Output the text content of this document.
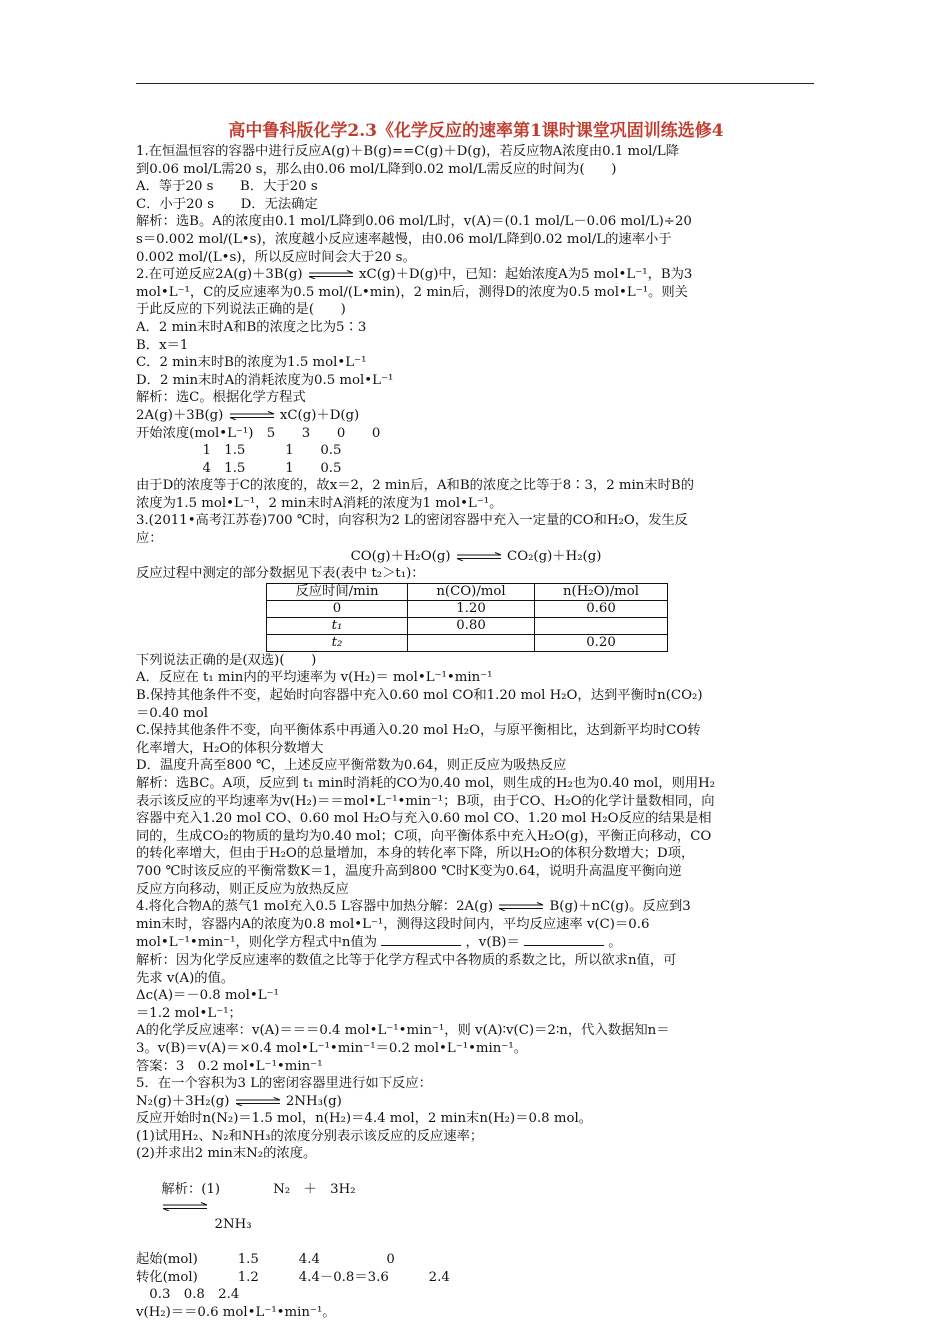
高中鲁科版化学2.3《化学反应的速率第1课时课堂巩固训练选修4
1.在恒温恒容的容器中进行反应A(g)＋B(g)==C(g)＋D(g)，若反应物A浓度由0.1 mol/L降
到0.06 mol/L需20 s，那么由0.06 mol/L降到0.02 mol/L需反应的时间为(　　)
A．等于20 s　　B．大于20 s
C．小于20 s　　D．无法确定
解析：选B。A的浓度由0.1 mol/L降到0.06 mol/L时，v(A)＝(0.1 mol/L－0.06 mol/L)÷20
s＝0.002 mol/(L•s)，浓度越小反应速率越慢，由0.06 mol/L降到0.02 mol/L的速率小于
0.002 mol/(L•s)，所以反应时间会大于20 s。
2.在可逆反应2A(g)＋3B(g)	xC(g)＋D(g)中，已知：起始浓度A为5 mol•L⁻¹，B为3
mol•L⁻¹，C的反应速率为0.5 mol/(L•min)，2 min后，测得D的浓度为0.5 mol•L⁻¹。则关
于此反应的下列说法正确的是(　　)
A．2 min末时A和B的浓度之比为5∶3
B．x＝1
C．2 min末时B的浓度为1.5 mol•L⁻¹
D．2 min末时A的消耗浓度为0.5 mol•L⁻¹
解析：选C。根据化学方程式
2A(g)＋3B(g)	xC(g)＋D(g)
开始浓度(mol•L⁻¹)　5　　3　　0　　0
　　　　　1　1.5　　　1　　0.5
　　　　　4　1.5　　　1　　0.5
由于D的浓度等于C的浓度的，故x＝2，2 min后，A和B的浓度之比等于8∶3，2 min末时B的
浓度为1.5 mol•L⁻¹，2 min末时A消耗的浓度为1 mol•L⁻¹。
3.(2011•高考江苏卷)700 ℃时，向容积为2 L的密闭容器中充入一定量的CO和H₂O，发生反
应：
CO(g)＋H₂O(g)	CO₂(g)＋H₂(g)
反应过程中测定的部分数据见下表(表中 t₂＞t₁)：
反应时间/min	n(CO)/mol	n(H₂O)/mol
0	1.20	0.60
t₁	0.80	
t₂		0.20
下列说法正确的是(双选)(　　)
A．反应在 t₁ min内的平均速率为 v(H₂)＝ mol•L⁻¹•min⁻¹
B.保持其他条件不变，起始时向容器中充入0.60 mol CO和1.20 mol H₂O，达到平衡时n(CO₂)
＝0.40 mol
C.保持其他条件不变，向平衡体系中再通入0.20 mol H₂O，与原平衡相比，达到新平均时CO转
化率增大，H₂O的体积分数增大
D．温度升高至800 ℃，上述反应平衡常数为0.64，则正反应为吸热反应
解析：选BC。A项，反应到 t₁ min时消耗的CO为0.40 mol，则生成的H₂也为0.40 mol，则用H₂
表示该反应的平均速率为v(H₂)＝＝mol•L⁻¹•min⁻¹；B项，由于CO、H₂O的化学计量数相同，向
容器中充入1.20 mol CO、0.60 mol H₂O与充入0.60 mol CO、1.20 mol H₂O反应的结果是相
同的，生成CO₂的物质的量均为0.40 mol；C项，向平衡体系中充入H₂O(g)，平衡正向移动，CO
的转化率增大，但由于H₂O的总量增加，本身的转化率下降，所以H₂O的体积分数增大；D项，
700 ℃时该反应的平衡常数K＝1，温度升高到800 ℃时K变为0.64，说明升高温度平衡向逆
反应方向移动，则正反应为放热反应
4.将化合物A的蒸气1 mol充入0.5 L容器中加热分解：2A(g)	B(g)＋nC(g)。反应到3
min末时，容器内A的浓度为0.8 mol•L⁻¹，测得这段时间内，平均反应速率 v(C)＝0.6
mol•L⁻¹•min⁻¹，则化学方程式中n值为	，v(B)＝	。
解析：因为化学反应速率的数值之比等于化学方程式中各物质的系数之比，所以欲求n值，可
先求 v(A)的值。
Δc(A)＝－0.8 mol•L⁻¹
＝1.2 mol•L⁻¹；
A的化学反应速率：v(A)＝＝＝0.4 mol•L⁻¹•min⁻¹，则 v(A)∶v(C)＝2∶n，代入数据知n＝
3。v(B)＝v(A)＝×0.4 mol•L⁻¹•min⁻¹＝0.2 mol•L⁻¹•min⁻¹。
答案：3　0.2 mol•L⁻¹•min⁻¹
5．在一个容积为3 L的密闭容器里进行如下反应：
N₂(g)＋3H₂(g)	2NH₃(g)
反应开始时n(N₂)＝1.5 mol，n(H₂)＝4.4 mol，2 min末n(H₂)＝0.8 mol。
(1)试用H₂、N₂和NH₃的浓度分别表示该反应的反应速率；
(2)并求出2 min末N₂的浓度。

解析：(1)　　　　N₂　＋　3H₂

　　　　2NH₃

起始(mol)　　　1.5　　　4.4　　　　　0
转化(mol)　　　1.2　　　4.4－0.8＝3.6　　　2.4
　0.3　0.8　2.4
v(H₂)＝＝0.6 mol•L⁻¹•min⁻¹。
